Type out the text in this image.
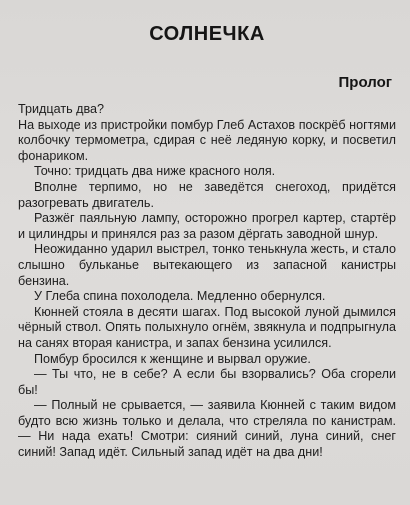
СОЛНЕЧКА
Пролог

Тридцать два?

На выходе из пристройки помбур Глеб Астахов поскрёб ногтями колбочку термометра, сдирая с неё ледяную корку, и посветил фонариком.

Точно: тридцать два ниже красного ноля.

Вполне терпимо, но не заведётся снегоход, придётся разогревать двигатель.

Разжёг паяльную лампу, осторожно прогрел картер, стартёр и цилиндры и принялся раз за разом дёргать заводной шнур.

Неожиданно ударил выстрел, тонко тенькнула жесть, и стало слышно бульканье вытекающего из запасной канистры бензина.

У Глеба спина похолодела. Медленно обернулся.

Кюнней стояла в десяти шагах. Под высокой луной дымился чёрный ствол. Опять полыхнуло огнём, звякнула и подпрыгнула на санях вторая канистра, и запах бензина усилился.

Помбур бросился к женщине и вырвал оружие.

— Ты что, не в себе? А если бы взорвались? Оба сгорели бы!

— Полный не срывается, — заявила Кюнней с таким видом будто всю жизнь только и делала, что стреляла по канистрам. — Ни нада ехать! Смотри: сияний синий, луна синий, снег синий! Запад идёт. Сильный запад идёт на два дни!
